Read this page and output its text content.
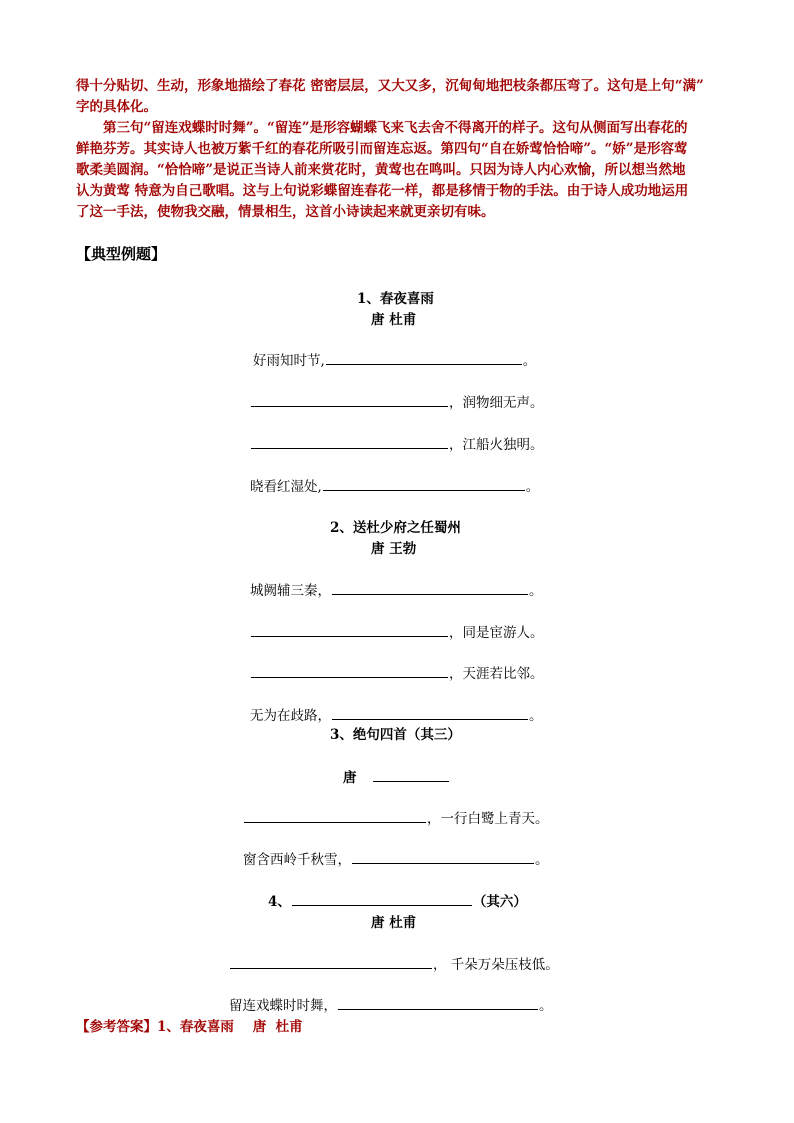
得十分贴切、生动，形象地描绘了春花 密密层层，又大又多，沉甸甸地把枝条都压弯了。这句是上句“满”
字的具体化。
第三句“留连戏蝶时时舞”。“留连”是形容蝴蝶飞来飞去舍不得离开的样子。这句从侧面写出春花的
鲜艳芬芳。其实诗人也被万紫千红的春花所吸引而留连忘返。第四句“自在娇莺恰恰啼”。“娇”是形容莺
歌柔美圆润。“恰恰啼”是说正当诗人前来赏花时，黄莺也在鸣叫。只因为诗人内心欢愉，所以想当然地
认为黄莺 特意为自己歌唱。这与上句说彩蝶留连春花一样，都是移情于物的手法。由于诗人成功地运用
了这一手法，使物我交融，情景相生，这首小诗读起来就更亲切有味。
【典型例题】
1、春夜喜雨
唐 杜甫
好雨知时节,	。
，润物细无声。
，江船火独明。
晓看红湿处,	。
2、送杜少府之任蜀州
唐 王勃
城阙辅三秦，	。
，同是宦游人。
，天涯若比邻。
无为在歧路，	。
3、绝句四首（其三）
唐
，一行白鹭上青天。
窗含西岭千秋雪，	。
4、	（其六）
唐 杜甫
， 千朵万朵压枝低。
留连戏蝶时时舞，	。
【参考答案】1、春夜喜雨    唐  杜甫
